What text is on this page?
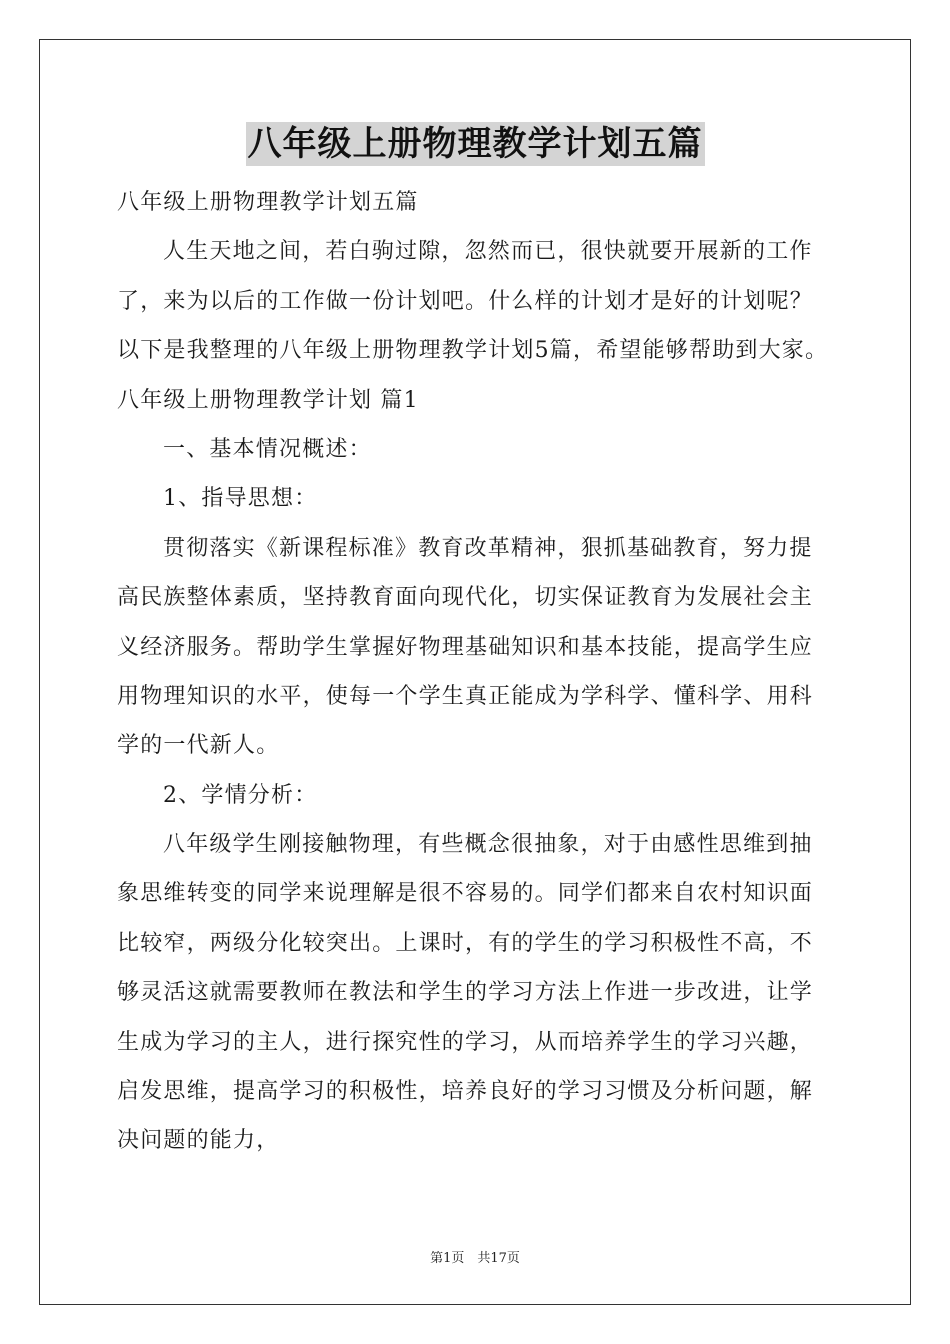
八年级上册物理教学计划五篇
八年级上册物理教学计划五篇
人生天地之间，若白驹过隙，忽然而已，很快就要开展新的工作
了，来为以后的工作做一份计划吧。什么样的计划才是好的计划呢？
以下是我整理的八年级上册物理教学计划5篇，希望能够帮助到大家。
八年级上册物理教学计划 篇1
一、基本情况概述：
1、指导思想：
贯彻落实《新课程标准》教育改革精神，狠抓基础教育，努力提
高民族整体素质，坚持教育面向现代化，切实保证教育为发展社会主
义经济服务。帮助学生掌握好物理基础知识和基本技能，提高学生应
用物理知识的水平，使每一个学生真正能成为学科学、懂科学、用科
学的一代新人。
2、学情分析：
八年级学生刚接触物理，有些概念很抽象，对于由感性思维到抽
象思维转变的同学来说理解是很不容易的。同学们都来自农村知识面
比较窄，两级分化较突出。上课时，有的学生的学习积极性不高，不
够灵活这就需要教师在教法和学生的学习方法上作进一步改进，让学
生成为学习的主人，进行探究性的学习，从而培养学生的学习兴趣，
启发思维，提高学习的积极性，培养良好的学习习惯及分析问题，解
决问题的能力，
第1页　共17页
